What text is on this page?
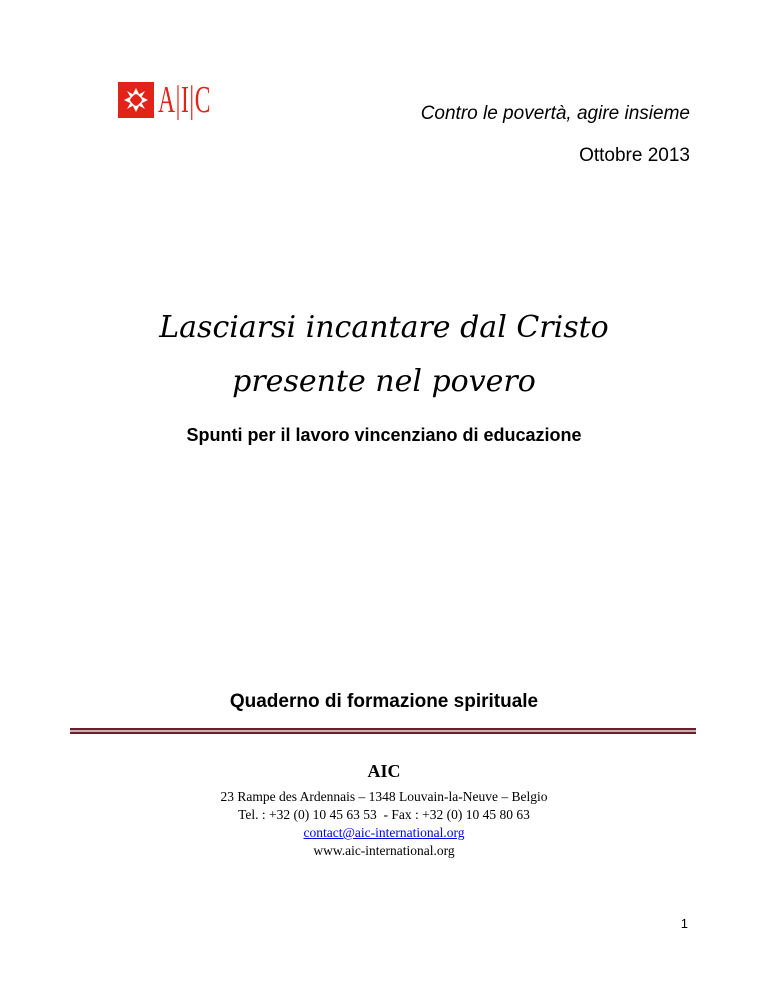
A|I|C	Contro le povertà, agire insieme
Ottobre 2013
Lasciarsi incantare dal Cristo
presente nel povero
Spunti per il lavoro vincenziano di educazione
Quaderno di formazione spirituale
AIC
23 Rampe des Ardennais – 1348 Louvain-la-Neuve – Belgio
Tel. : +32 (0) 10 45 63 53  - Fax : +32 (0) 10 45 80 63
contact@aic-international.org
www.aic-international.org
1
